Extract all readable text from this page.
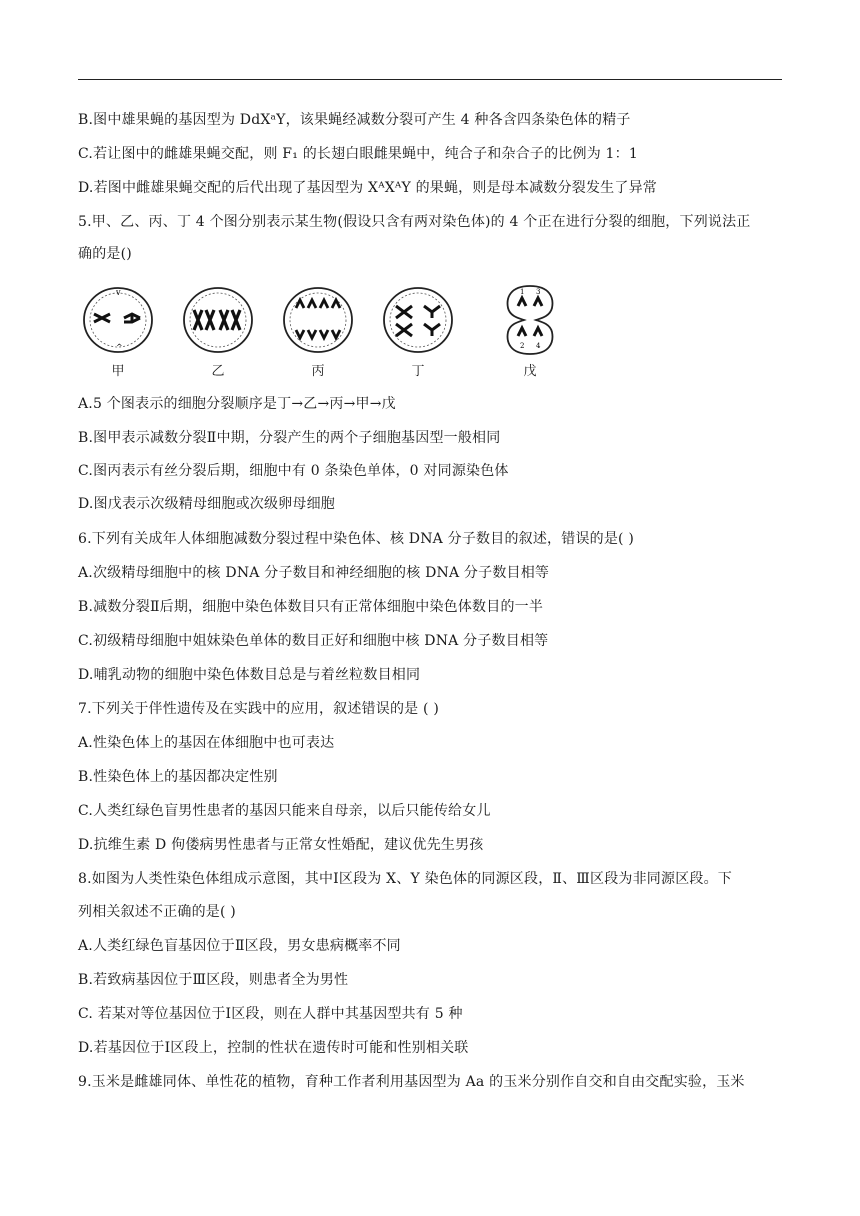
B.图中雄果蝇的基因型为 DdXᵃY，该果蝇经减数分裂可产生 4 种各含四条染色体的精子
C.若让图中的雌雄果蝇交配，则 F₁ 的长翅白眼雌果蝇中，纯合子和杂合子的比例为 1：1
D.若图中雌雄果蝇交配的后代出现了基因型为 XᴬXᴬY 的果蝇，则是母本减数分裂发生了异常
5.甲、乙、丙、丁 4 个图分别表示某生物(假设只含有两对染色体)的 4 个正在进行分裂的细胞，下列说法正
确的是()
v
^
甲	乙	丙	丁
1 3
2 4
戊
A.5 个图表示的细胞分裂顺序是丁→乙→丙→甲→戊
B.图甲表示减数分裂Ⅱ中期，分裂产生的两个子细胞基因型一般相同
C.图丙表示有丝分裂后期，细胞中有 0 条染色单体，0 对同源染色体
D.图戊表示次级精母细胞或次级卵母细胞
6.下列有关成年人体细胞减数分裂过程中染色体、核 DNA 分子数目的叙述，错误的是( )
A.次级精母细胞中的核 DNA 分子数目和神经细胞的核 DNA 分子数目相等
B.减数分裂Ⅱ后期，细胞中染色体数目只有正常体细胞中染色体数目的一半
C.初级精母细胞中姐妹染色单体的数目正好和细胞中核 DNA 分子数目相等
D.哺乳动物的细胞中染色体数目总是与着丝粒数目相同
7.下列关于伴性遗传及在实践中的应用，叙述错误的是 ( )
A.性染色体上的基因在体细胞中也可表达
B.性染色体上的基因都决定性别
C.人类红绿色盲男性患者的基因只能来自母亲，以后只能传给女儿
D.抗维生素 D 佝偻病男性患者与正常女性婚配，建议优先生男孩
8.如图为人类性染色体组成示意图，其中Ⅰ区段为 X、Y 染色体的同源区段，Ⅱ、Ⅲ区段为非同源区段。下
列相关叙述不正确的是( )
A.人类红绿色盲基因位于Ⅱ区段，男女患病概率不同
B.若致病基因位于Ⅲ区段，则患者全为男性
C. 若某对等位基因位于Ⅰ区段，则在人群中其基因型共有 5 种
D.若基因位于Ⅰ区段上，控制的性状在遗传时可能和性别相关联
9.玉米是雌雄同体、单性花的植物，育种工作者利用基因型为 Aa 的玉米分别作自交和自由交配实验，玉米
